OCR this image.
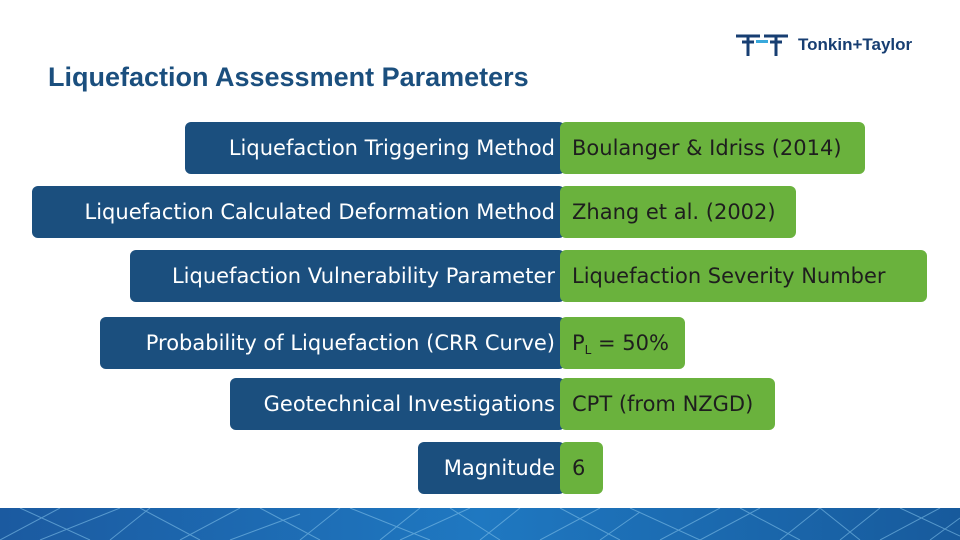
Liquefaction Assessment Parameters
Tonkin+Taylor
Liquefaction Triggering Method Boulanger & Idriss (2014)
Liquefaction Calculated Deformation Method Zhang et al. (2002)
Liquefaction Vulnerability Parameter Liquefaction Severity Number
Probability of Liquefaction (CRR Curve) $P_L = 50\%$
Geotechnical Investigations CPT (from NZGD)
Magnitude 6
